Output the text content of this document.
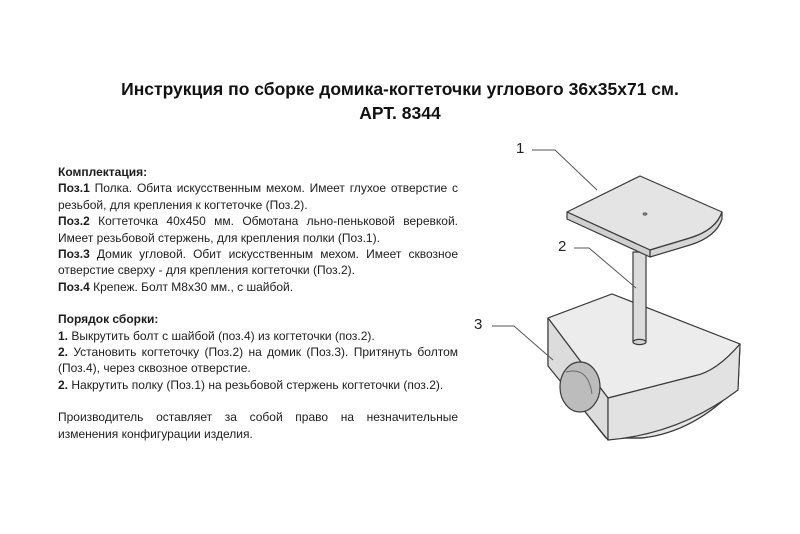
Инструкция по сборке домика-когтеточки углового 36х35х71 см.
АРТ. 8344

Комплектация:

Поз.1 Полка. Обита искусственным мехом. Имеет глухое отверстие с резьбой, для крепления к когтеточке (Поз.2).

Поз.2 Когтеточка 40х450 мм. Обмотана льно-пеньковой веревкой. Имеет резьбовой стержень, для крепления полки (Поз.1).

Поз.3 Домик угловой. Обит искусственным мехом. Имеет сквозное отверстие сверху - для крепления когтеточки (Поз.2).

Поз.4 Крепеж. Болт М8х30 мм., с шайбой.

Порядок сборки:

1. Выкрутить болт с шайбой (поз.4) из когтеточки (поз.2).

2. Установить когтеточку (Поз.2) на домик (Поз.3). Притянуть болтом (Поз.4), через сквозное отверстие.

2. Накрутить полку (Поз.1) на резьбовой стержень когтеточки (поз.2).

Производитель оставляет за собой право на незначительные изменения конфигурации изделия.

1
2
3
